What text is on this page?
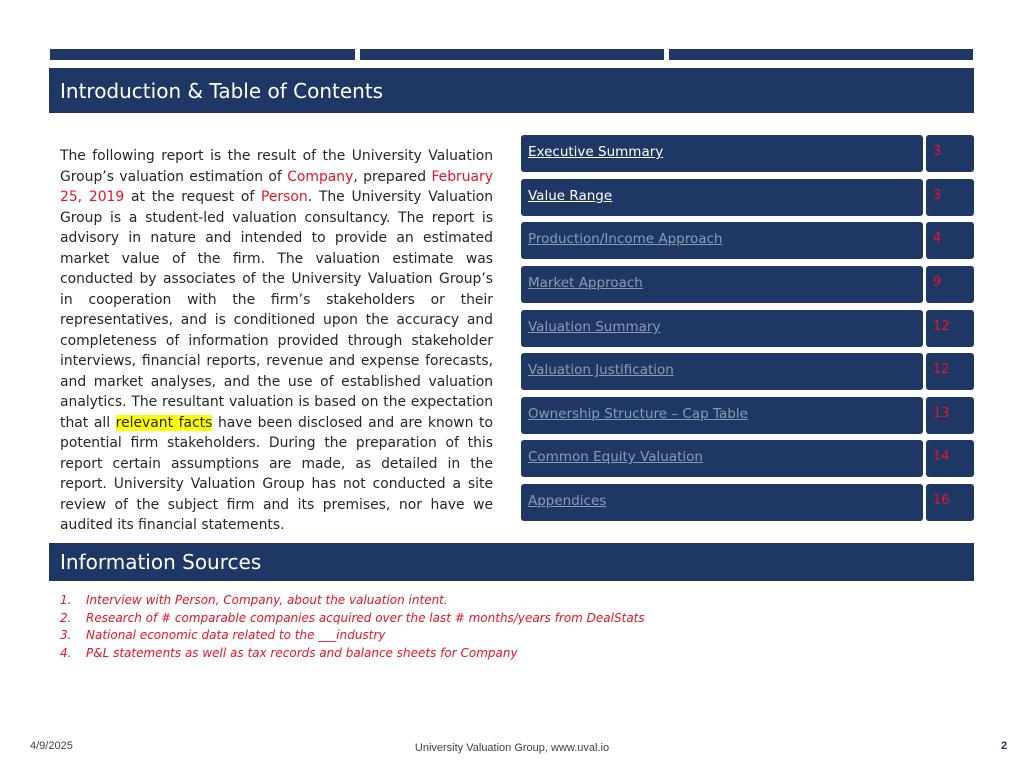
Introduction & Table of Contents
The following report is the result of the University Valuation Group’s valuation estimation of Company, prepared February 25, 2019 at the request of Person. The University Valuation Group is a student-led valuation consultancy. The report is advisory in nature and intended to provide an estimated market value of the firm. The valuation estimate was conducted by associates of the University Valuation Group’s in cooperation with the firm’s stakeholders or their representatives, and is conditioned upon the accuracy and completeness of information provided through stakeholder interviews, financial reports, revenue and expense forecasts, and market analyses, and the use of established valuation analytics. The resultant valuation is based on the expectation that all relevant facts have been disclosed and are known to potential firm stakeholders. During the preparation of this report certain assumptions are made, as detailed in the report. University Valuation Group has not conducted a site review of the subject firm and its premises, nor have we audited its financial statements.
Executive Summary	3
Value Range	3
Production/Income Approach	4
Market Approach	9
Valuation Summary	12
Valuation Justification	12
Ownership Structure – Cap Table	13
Common Equity Valuation	14
Appendices	16
Information Sources
1.	Interview with Person, Company, about the valuation intent.
2.	Research of # comparable companies acquired over the last # months/years from DealStats
3.	National economic data related to the ___industry
4.	P&L statements as well as tax records and balance sheets for Company
4/9/2025	University Valuation Group, www.uval.io	2
